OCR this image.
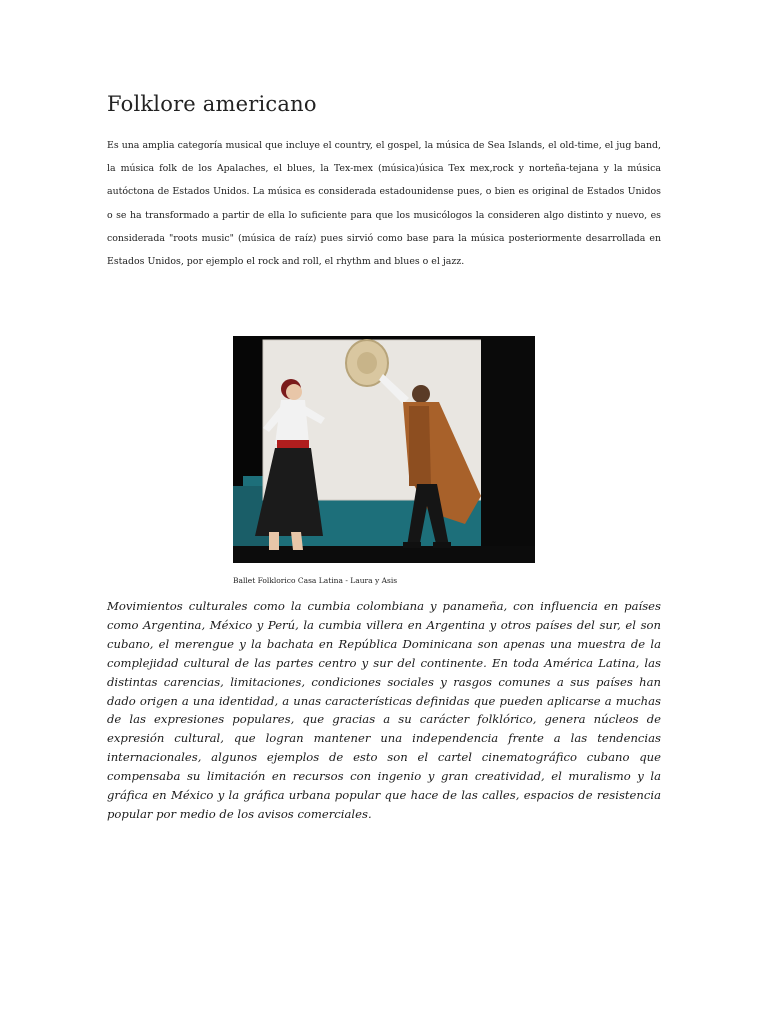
Folklore americano
Es una amplia categoría musical que incluye el country, el gospel, la música de Sea Islands, el old-time, el jug band, la música folk de los Apalaches, el blues, la Tex-mex (música)úsica Tex mex,rock y norteña-tejana y la música autóctona de Estados Unidos. La música es considerada estadounidense pues, o bien es original de Estados Unidos o se ha transformado a partir de ella lo suficiente para que los musicólogos la consideren algo distinto y nuevo, es considerada "roots music" (música de raíz) pues sirvió como base para la música posteriormente desarrollada en Estados Unidos, por ejemplo el rock and roll, el rhythm and blues o el jazz.
Ballet Folklorico Casa Latina - Laura y Asis
Movimientos culturales como la cumbia colombiana y panameña, con influencia en países como Argentina, México y Perú, la cumbia villera en Argentina y otros países del sur, el son cubano, el merengue y la bachata en República Dominicana son apenas una muestra de la complejidad cultural de las partes centro y sur del continente. En toda América Latina, las distintas carencias, limitaciones, condiciones sociales y rasgos comunes a sus países han dado origen a una identidad, a unas características definidas que pueden aplicarse a muchas de las expresiones populares, que gracias a su carácter folklórico, genera núcleos de expresión cultural, que logran mantener una independencia frente a las tendencias internacionales, algunos ejemplos de esto son el cartel cinematográfico cubano que compensaba su limitación en recursos con ingenio y gran creatividad, el muralismo y la gráfica en México y la gráfica urbana popular que hace de las calles, espacios de resistencia popular por medio de los avisos comerciales.
